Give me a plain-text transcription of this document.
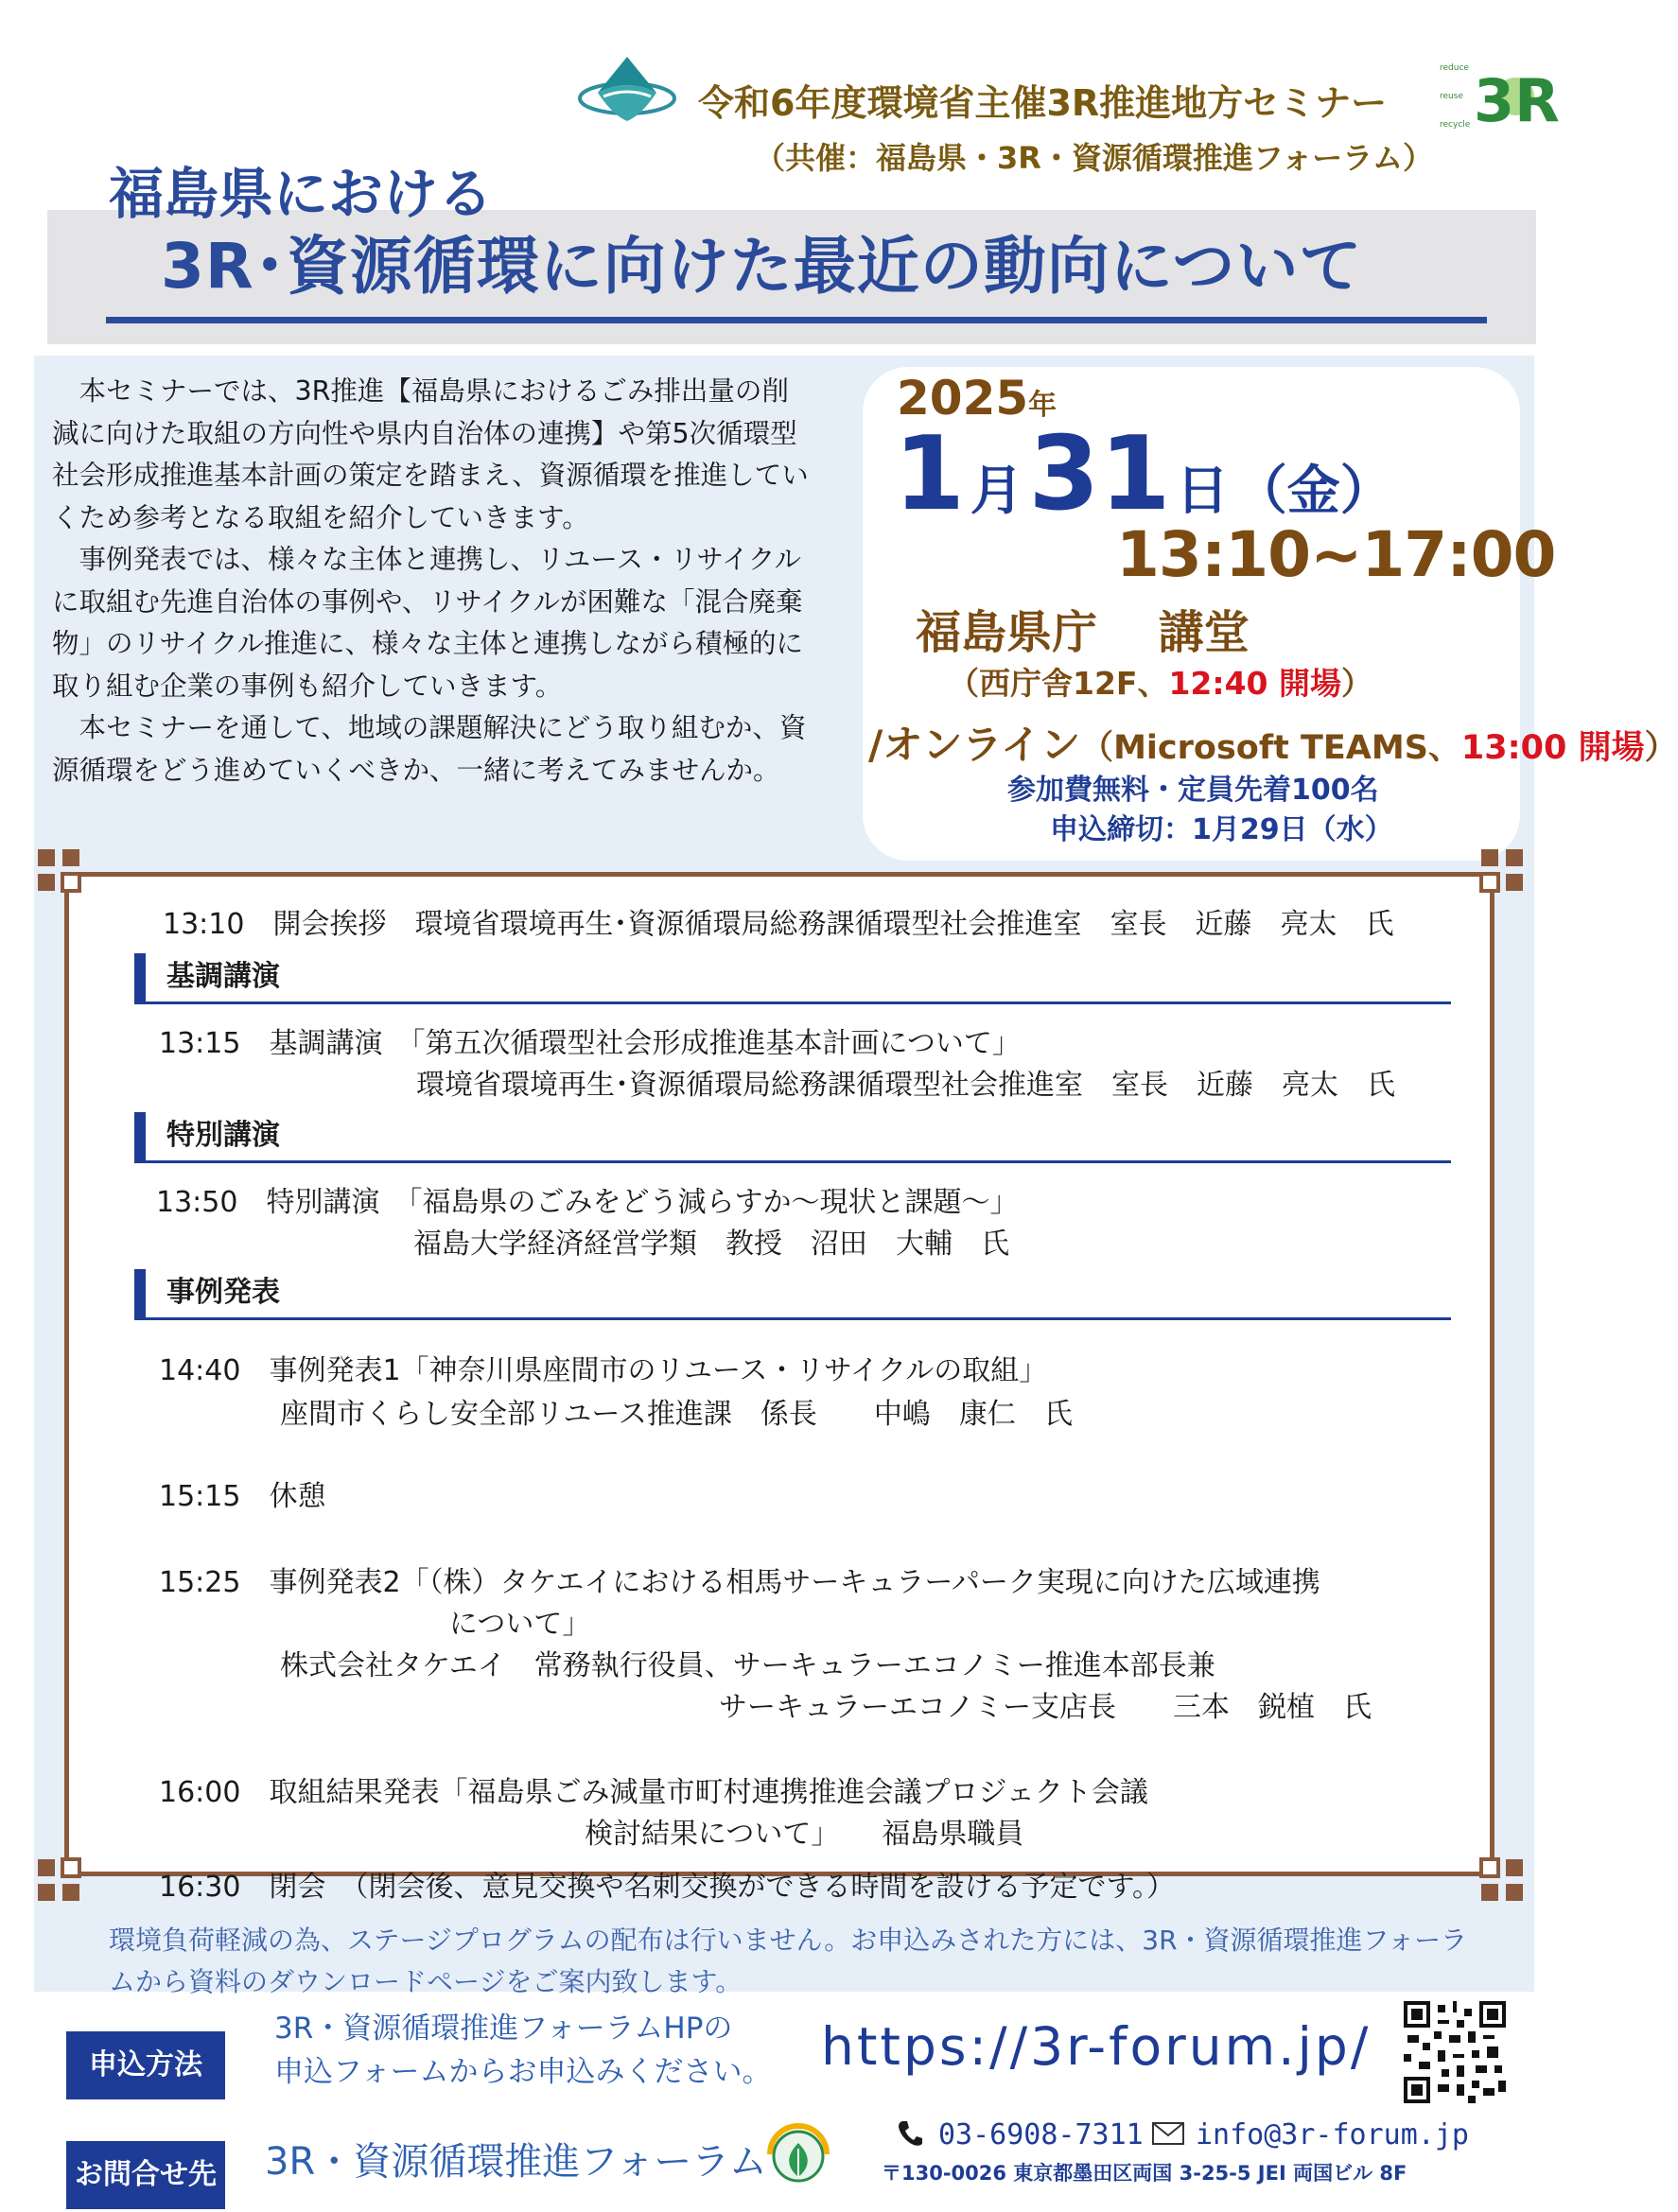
令和6年度環境省主催3R推進地方セミナー
（共催：福島県・3R・資源循環推進フォーラム）
reduce
reuse
recycle 3R
福島県における
3R･資源循環に向けた最近の動向について

本セミナーでは、3R推進【福島県におけるごみ排出量の削減に向けた取組の方向性や県内自治体の連携】や第5次循環型社会形成推進基本計画の策定を踏まえ、資源循環を推進していくため参考となる取組を紹介していきます。

事例発表では、様々な主体と連携し、リユース・リサイクルに取組む先進自治体の事例や、リサイクルが困難な「混合廃棄物」のリサイクル推進に、様々な主体と連携しながら積極的に取り組む企業の事例も紹介していきます。

本セミナーを通して、地域の課題解決にどう取り組むか、資源循環をどう進めていくべきか、一緒に考えてみませんか。

2025年
1 月 31 日 （金）
13:10~17:00
福島県庁　 講堂
（西庁舎12F、12:40 開場）
/オンライン（Microsoft TEAMS、13:00 開場）
参加費無料・定員先着100名
申込締切：1月29日（水）
13:10　開会挨拶　環境省環境再生･資源循環局総務課循環型社会推進室　室長　近藤　亮太　氏
基調講演
13:15　基調講演　「第五次循環型社会形成推進基本計画について」
環境省環境再生･資源循環局総務課循環型社会推進室　室長　近藤　亮太　氏
特別講演
13:50　特別講演　「福島県のごみをどう減らすか～現状と課題～」
福島大学経済経営学類　教授　沼田　大輔　氏
事例発表
14:40　事例発表1「神奈川県座間市のリユース・リサイクルの取組」
座間市くらし安全部リユース推進課　係長　　中嶋　康仁　氏
15:15　休憩
15:25　事例発表2「（株）タケエイにおける相馬サーキュラーパーク実現に向けた広域連携
について」
株式会社タケエイ　常務執行役員、サーキュラーエコノミー推進本部長兼
サーキュラーエコノミー支店長　　三本　鋭植　氏
16:00　取組結果発表「福島県ごみ減量市町村連携推進会議プロジェクト会議
検討結果について」　　福島県職員
16:30　閉会　（閉会後、意見交換や名刺交換ができる時間を設ける予定です。）
環境負荷軽減の為、ステージプログラムの配布は行いません。お申込みされた方には、3R・資源循環推進フォーラムから資料のダウンロードページをご案内致します。
申込方法
3R・資源循環推進フォーラムHPの
申込フォームからお申込みください。 https://3r-forum.jp/
お問合せ先 3R・資源循環推進フォーラム
03-6908-7311 info@3r-forum.jp
〒130-0026 東京都墨田区両国 3-25-5 JEI 両国ビル 8F
